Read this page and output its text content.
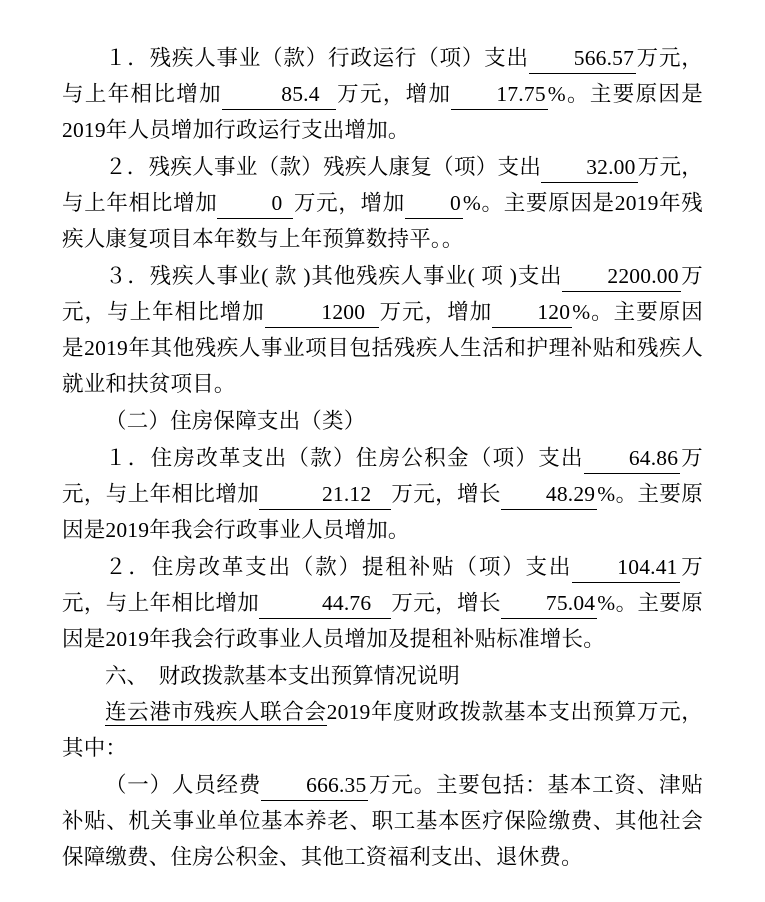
１．残疾人事业（款）行政运行（项）支出 566.57万元，与上年相比增加	85.4 万元，增加 17.75%。主要原因是2019年人员增加行政运行支出增加。
２．残疾人事业（款）残疾人康复（项）支出 32.00万元，与上年相比增加	0 万元，增加 0%。主要原因是2019年残疾人康复项目本年数与上年预算数持平。。
３．残疾人事业( 款 )其他残疾人事业( 项 )支出 2200.00万元，与上年相比增加	1200 万元，增加 120%。主要原因是2019年其他残疾人事业项目包括残疾人生活和护理补贴和残疾人就业和扶贫项目。
（二）住房保障支出（类）
１．住房改革支出（款）住房公积金（项）支出 64.86万元，与上年相比增加	21.12 万元，增长 48.29%。主要原因是2019年我会行政事业人员增加。
２．住房改革支出（款）提租补贴（项）支出 104.41万元，与上年相比增加	44.76 万元，增长 75.04%。主要原因是2019年我会行政事业人员增加及提租补贴标准增长。
六、　财政拨款基本支出预算情况说明
连云港市残疾人联合会2019年度财政拨款基本支出预算万元，其中：
（一）人员经费 666.35万元。主要包括：基本工资、津贴补贴、机关事业单位基本养老、职工基本医疗保险缴费、其他社会保障缴费、住房公积金、其他工资福利支出、退休费。
